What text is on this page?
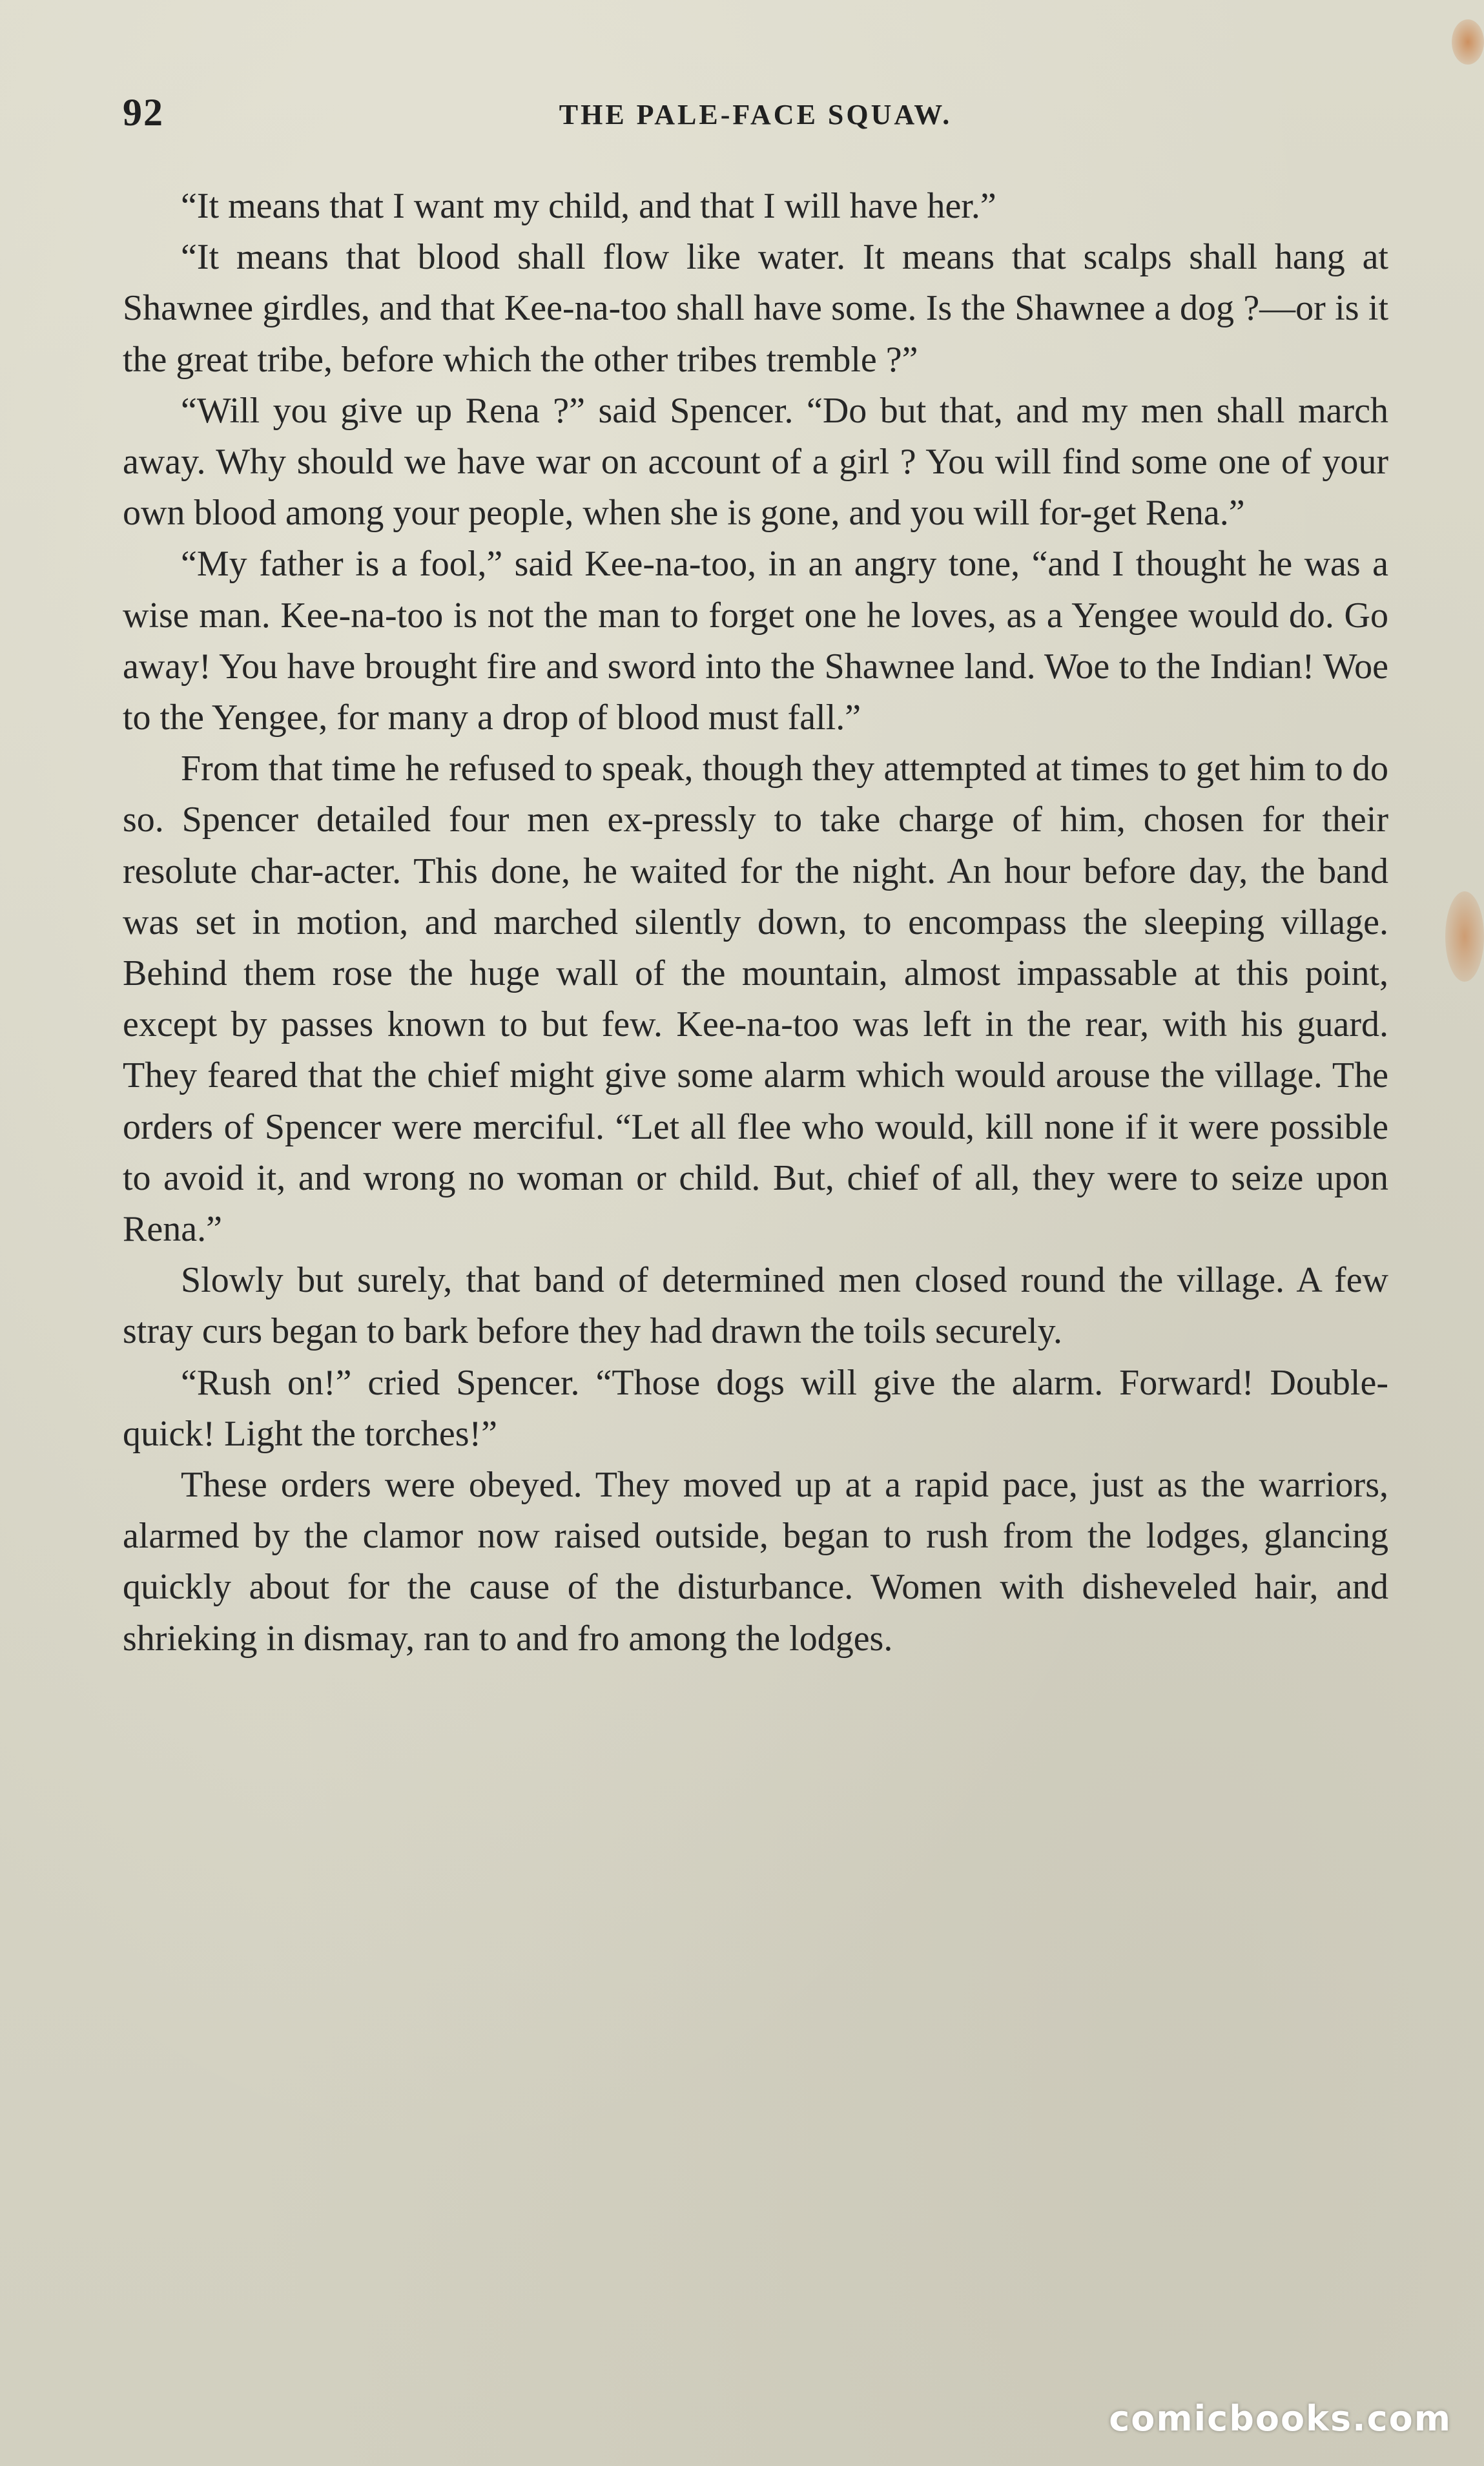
92	THE PALE-FACE SQUAW.

“It means that I want my child, and that I will have her.”

“It means that blood shall flow like water. It means that scalps shall hang at Shawnee girdles, and that Kee-na-too shall have some. Is the Shawnee a dog ?—or is it the great tribe, before which the other tribes tremble ?”

“Will you give up Rena ?” said Spencer. “Do but that, and my men shall march away. Why should we have war on account of a girl ? You will find some one of your own blood among your people, when she is gone, and you will for-get Rena.”

“My father is a fool,” said Kee-na-too, in an angry tone, “and I thought he was a wise man. Kee-na-too is not the man to forget one he loves, as a Yengee would do. Go away! You have brought fire and sword into the Shawnee land. Woe to the Indian! Woe to the Yengee, for many a drop of blood must fall.”

From that time he refused to speak, though they attempted at times to get him to do so. Spencer detailed four men ex-pressly to take charge of him, chosen for their resolute char-acter. This done, he waited for the night. An hour before day, the band was set in motion, and marched silently down, to encompass the sleeping village. Behind them rose the huge wall of the mountain, almost impassable at this point, except by passes known to but few. Kee-na-too was left in the rear, with his guard. They feared that the chief might give some alarm which would arouse the village. The orders of Spencer were merciful. “Let all flee who would, kill none if it were possible to avoid it, and wrong no woman or child. But, chief of all, they were to seize upon Rena.”

Slowly but surely, that band of determined men closed round the village. A few stray curs began to bark before they had drawn the toils securely.

“Rush on!” cried Spencer. “Those dogs will give the alarm. Forward! Double-quick! Light the torches!”

These orders were obeyed. They moved up at a rapid pace, just as the warriors, alarmed by the clamor now raised outside, began to rush from the lodges, glancing quickly about for the cause of the disturbance. Women with disheveled hair, and shrieking in dismay, ran to and fro among the lodges.

comicbooks.com
